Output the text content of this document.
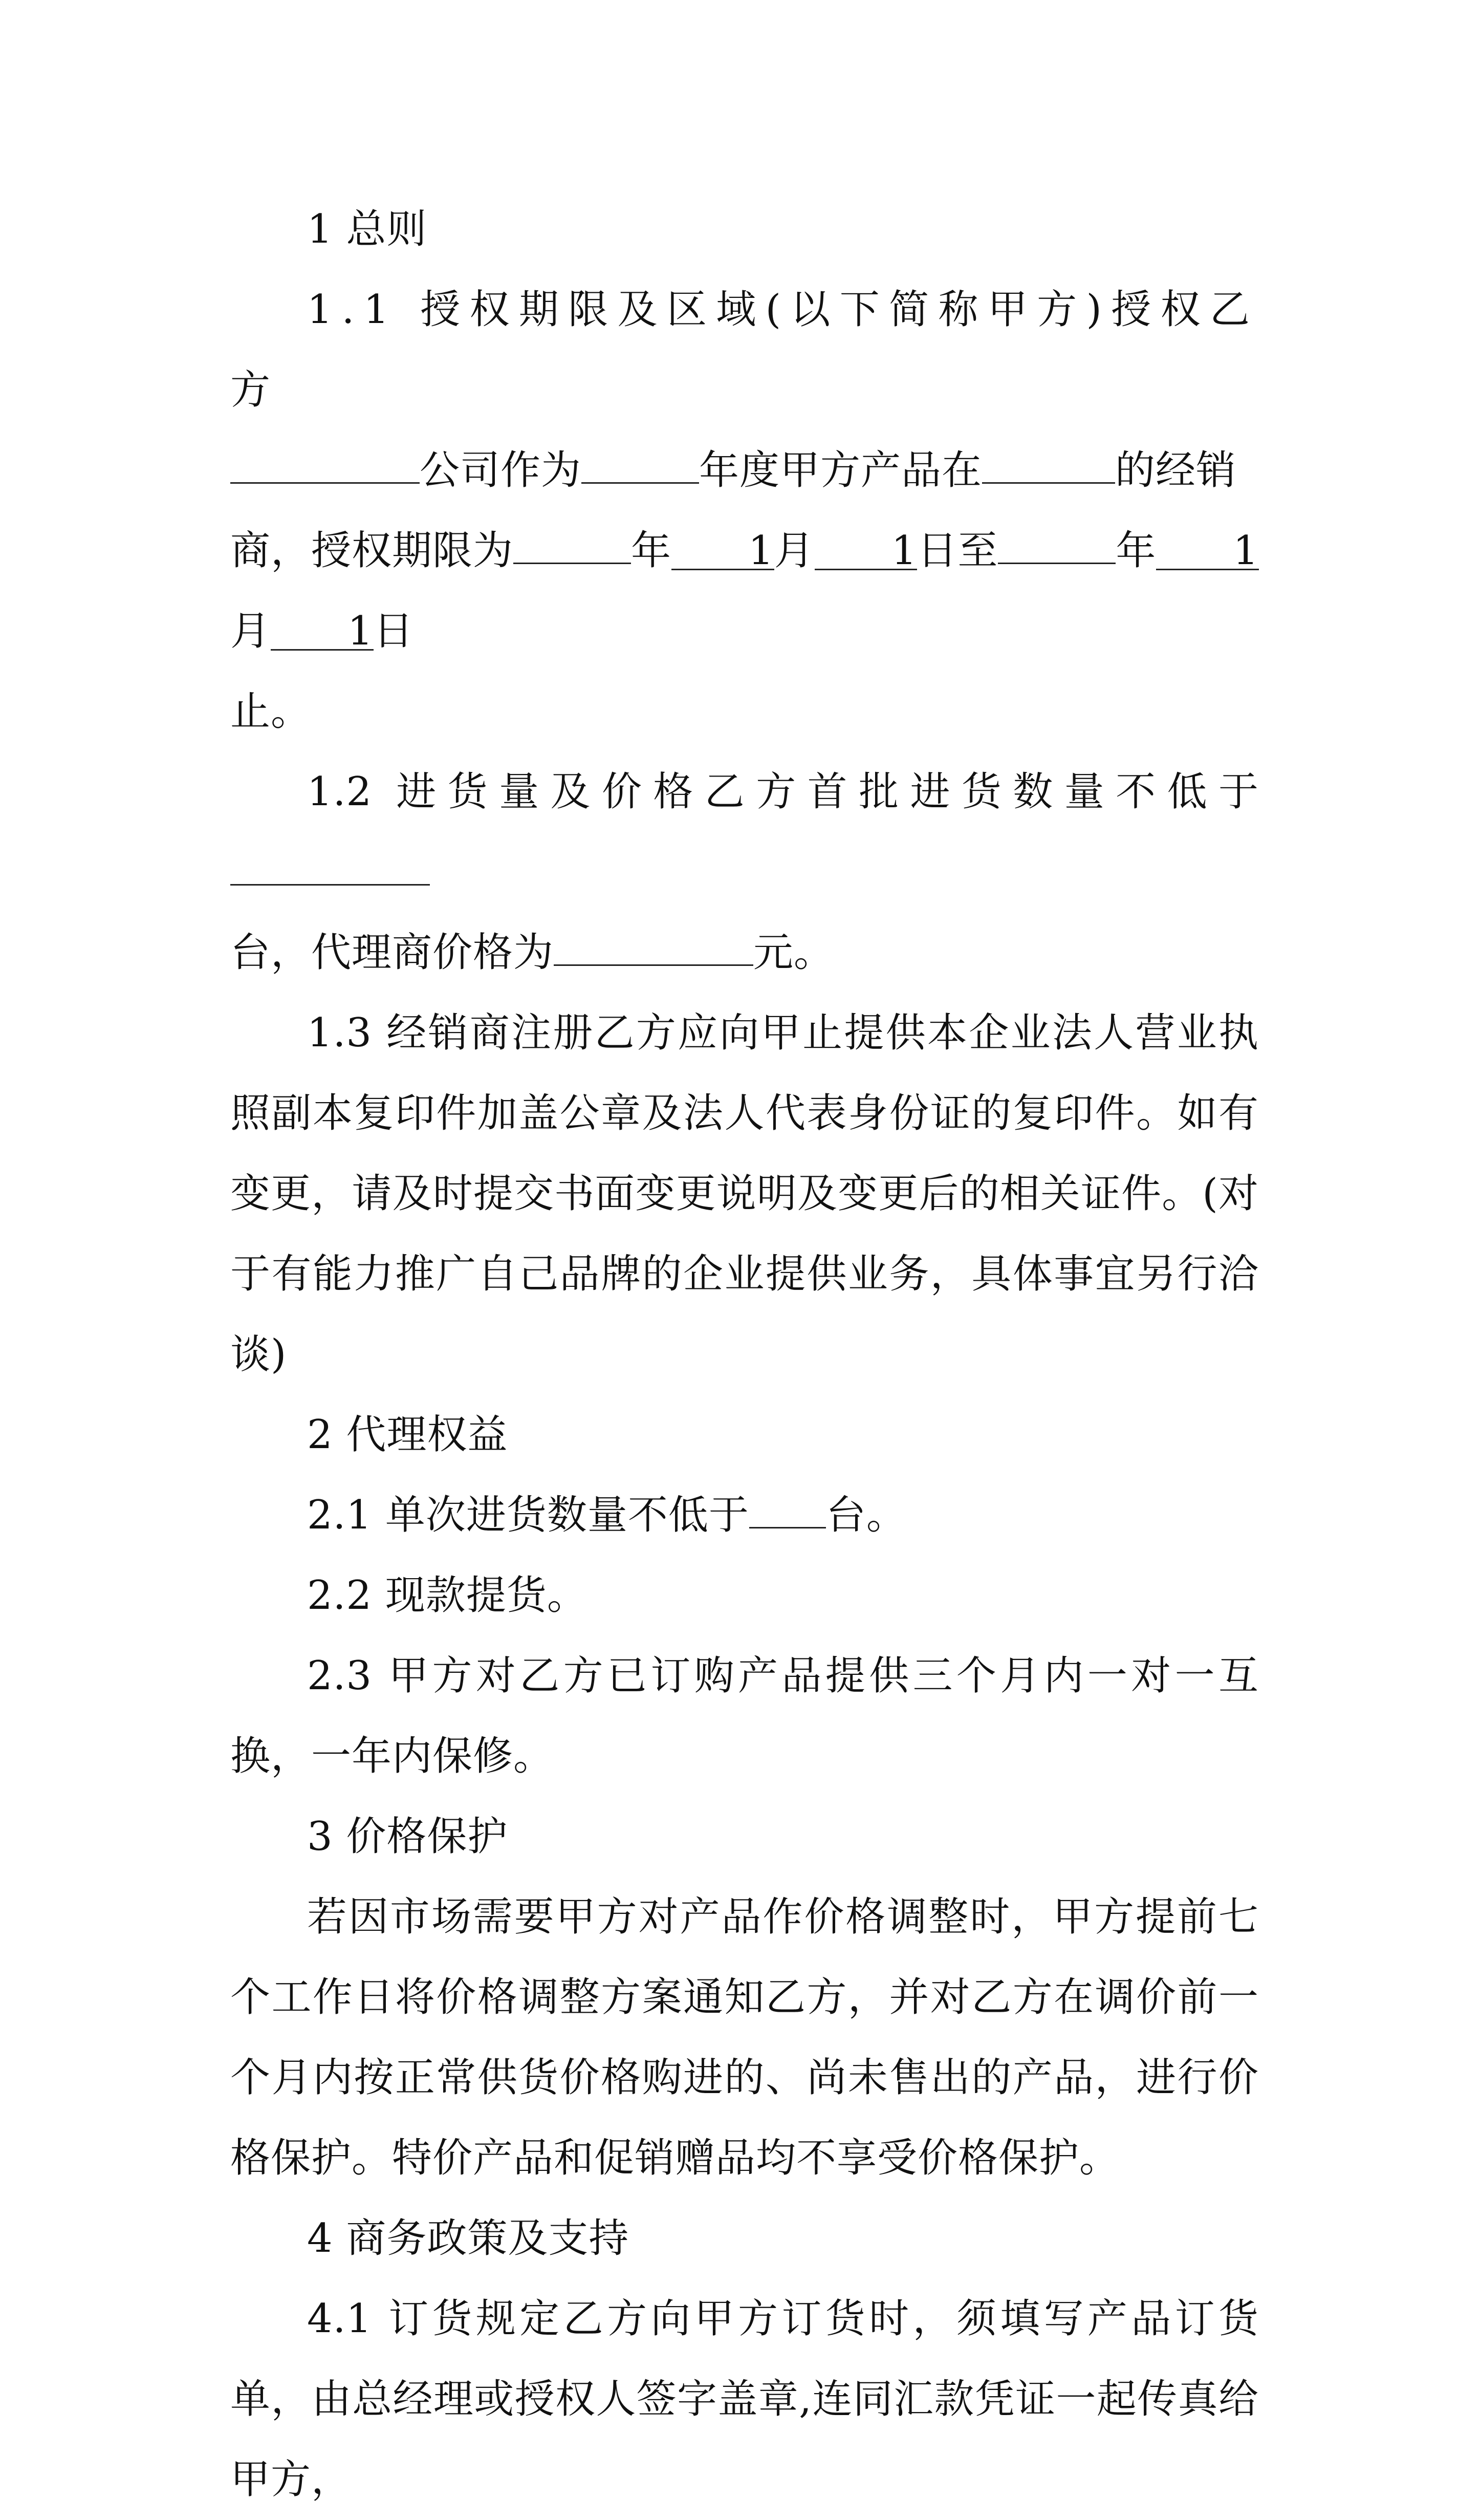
1 总则

1.1 授权期限及区域(以下简称甲方)授权乙方
公司作为	年度甲方产品在	的经销
商，授权期限为	年 1月 1日至	年 1月 1日
止。

1.2 进货量及价格乙方首批进货数量不低于
台，代理商价格为	元。

1.3 经销商注册乙方应向甲止提供本企业法人营业执照副本复印件加盖公章及法人代表身份证的复印件。如有变更，请及时提交书面变更说明及变更后的相关证件。(对于有能力推广自己品牌的企业提供业务，具体事宜另行洽谈)

2 代理权益

2.1 单次进货数量不低于 台。

2.2 现款提货。

2.3 甲方对乙方已订购产品提供三个月内一对一互换，一年内保修。

3 价格保护

若因市场需要甲方对产品作价格调整时，甲方提前七个工作日将价格调整方案通知乙方，并对乙方在调价前一个月内按正常供货价格购进的、尚未售出的产品，进行价格保护。特价产品和促销赠品均不享受价格保护。

4 商务政策及支持

4.1 订货规定乙方向甲方订货时，须填写产品订货单，由总经理或授权人签字盖章,连同汇款凭证一起传真给甲方，
